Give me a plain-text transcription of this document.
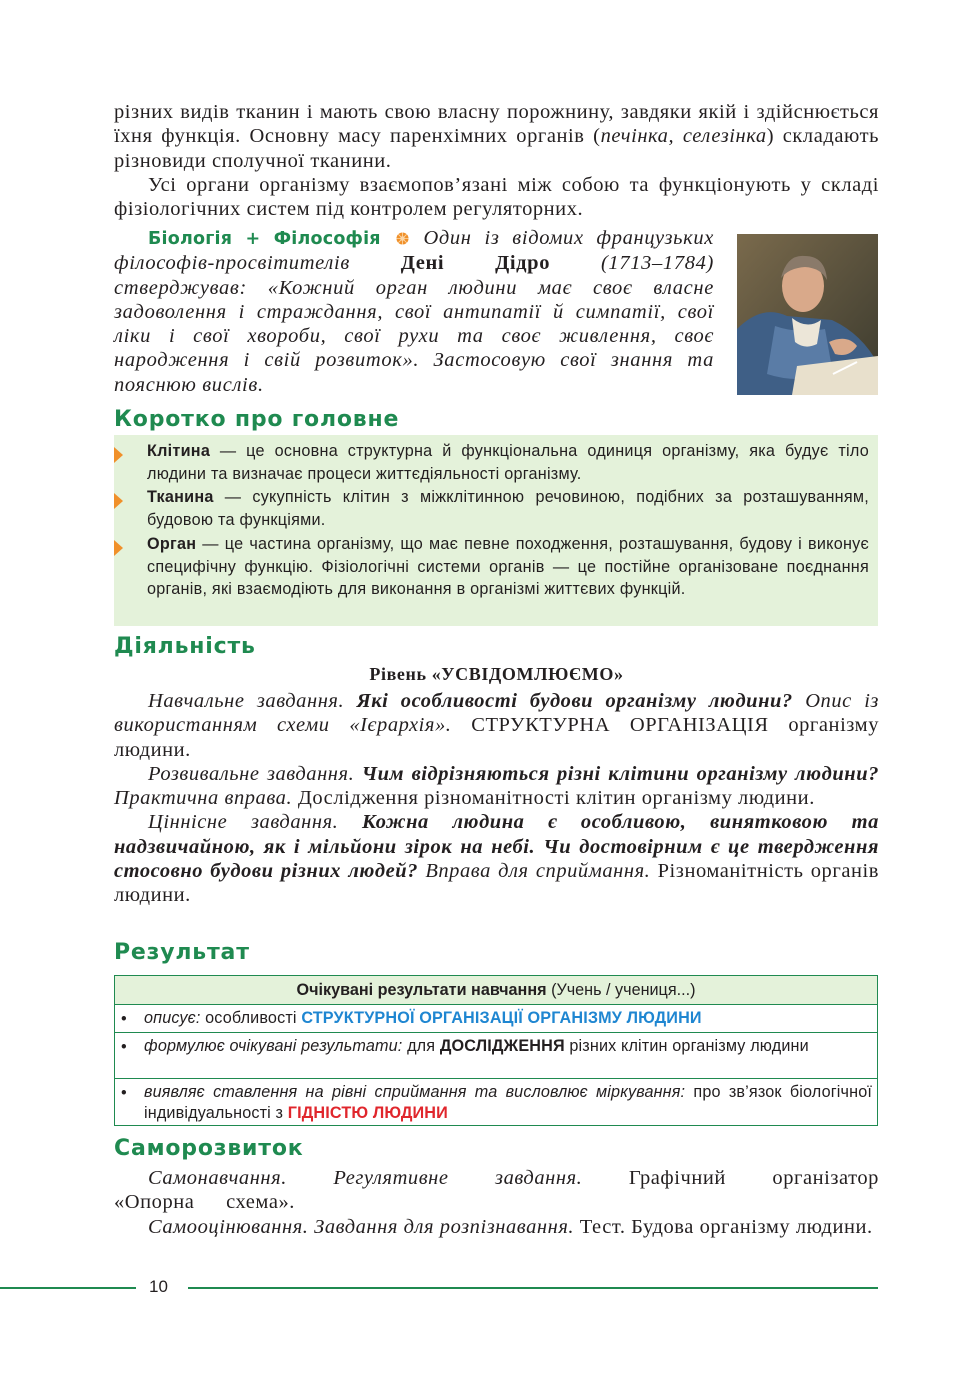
різних видів тканин і мають свою власну порожнину, завдяки якій і здійснюється їхня функція. Основну масу паренхімних органів (печінка, селезінка) складають різновиди сполучної тканини.

Усі органи організму взаємопов’язані між собою та функціонують у складі фізіологічних систем під контролем регуляторних.

Біологія + Філософія Один із відомих французьких філософів-просвітителів Дені Дідро (1713–1784) стверджував: «Кожний орган людини має своє власне задоволення і страждання, свої антипатії й симпатії, свої ліки і свої хвороби, свої рухи та своє живлення, своє народження і свій розвиток». Застосовую свої знання та пояснюю вислів.

Коротко про головне

Клітина — це основна структурна й функціональна одиниця організму, яка будує тіло людини та визначає процеси життєдіяльності організму.

Тканина — сукупність клітин з міжклітинною речовиною, подібних за розташуванням, будовою та функціями.

Орган — це частина організму, що має певне походження, розташування, будову і виконує специфічну функцію. Фізіологічні системи органів — це постійне організоване поєднання органів, які взаємодіють для виконання в організмі життєвих функцій.

Діяльність

Рівень «УСВІДОМЛЮЄМО»

Навчальне завдання. Які особливості будови організму людини? Опис із використанням схеми «Ієрархія». СТРУКТУРНА ОРГАНІЗАЦІЯ організму людини.

Розвивальне завдання. Чим відрізняються різні клітини організму людини? Практична вправа. Дослідження різноманітності клітин організму людини.

Ціннісне завдання. Кожна людина є особливою, винятковою та надзвичайною, як і мільйони зірок на небі. Чи достовірним є це твердження стосовно будови різних людей? Вправа для сприймання. Різноманітність органів людини.

Результат
Очікувані результати навчання (Учень / учениця...)
• описує: особливості СТРУКТУРНОЇ ОРГАНІЗАЦІЇ ОРГАНІЗМУ ЛЮДИНИ

• формулює очікувані результати: для ДОСЛІДЖЕННЯ різних клітин організму людини

• виявляє ставлення на рівні сприймання та висловлює міркування: про зв’язок біологічної індивідуальності з ГІДНІСТЮ ЛЮДИНИ

Саморозвиток

Самонавчання. Регулятивне завдання. Графічний організатор «Опорна схема».

Самооцінювання. Завдання для розпізнавання. Тест. Будова організму людини.

10
